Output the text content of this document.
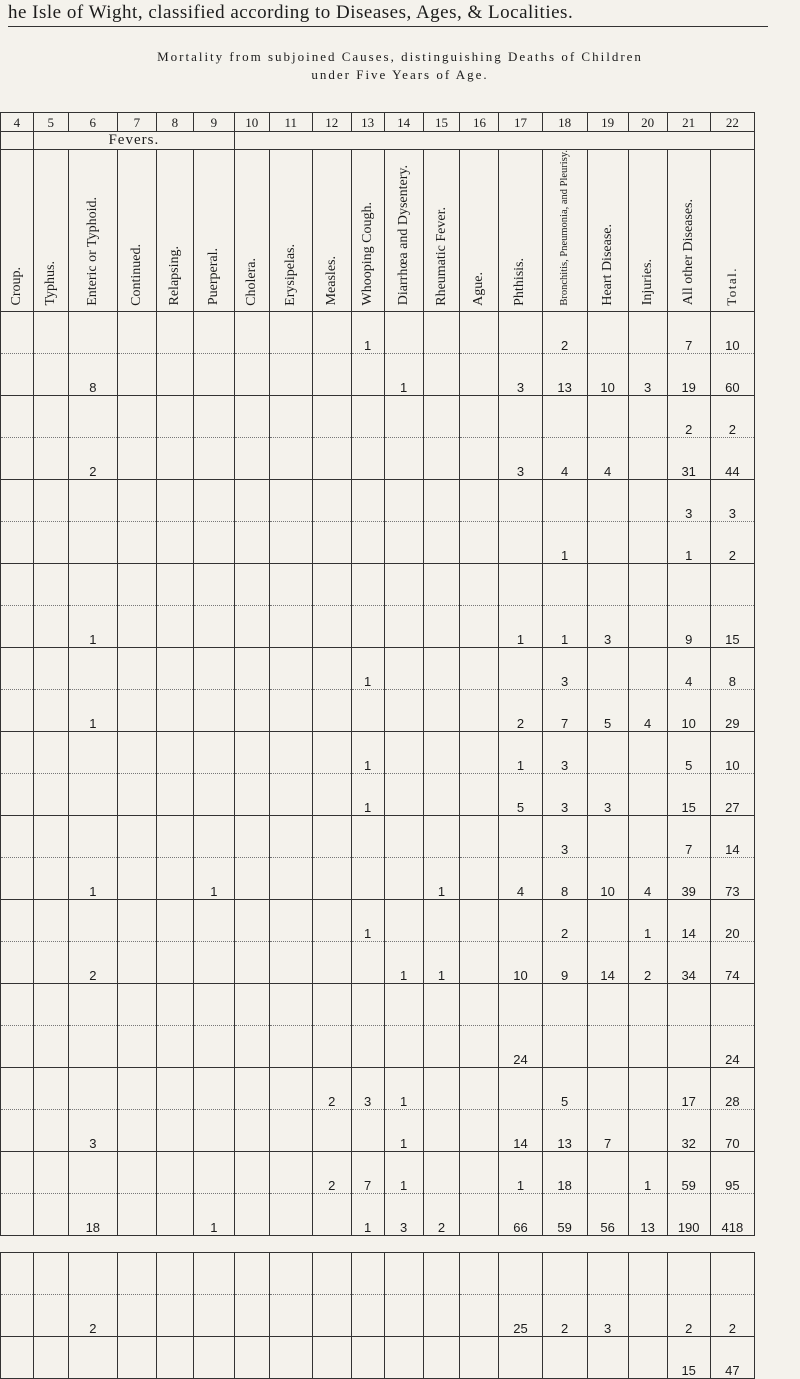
he Isle of Wight, classified according to Diseases, Ages, & Localities.
Mortality from subjoined Causes, distinguishing Deaths of Children
under Five Years of Age.
4	5	6	7	8	9	10	11	12	13	14	15	16	17	18	19	20	21	22
	Fevers.																	
Croup.	Typhus.	Enteric or Typhoid.	Continued.	Relapsing.	Puerperal.	Cholera.	Erysipelas.	Measles.	Whooping Cough.	Diarrhœa and Dysentery.	Rheumatic Fever.	Ague.	Phthisis.	Bronchitis, Pneumonia, and Pleurisy.	Heart Disease.	Injuries.	All other Diseases.	Total.
									1					2			7	10
		8								1			3	13	10	3	19	60
																	2	2
		2											3	4	4		31	44
																	3	3
														1			1	2

		1											1	1	3		9	15
									1					3			4	8
		1											2	7	5	4	10	29
									1				1	3			5	10
									1				5	3	3		15	27
														3			7	14
		1			1						1		4	8	10	4	39	73
									1					2		1	14	20
		2								1	1		10	9	14	2	34	74

													24					24
								2	3	1				5			17	28
		3								1			14	13	7		32	70
								2	7	1			1	18		1	59	95
		18			1				1	3	2		66	59	56	13	190	418

		2											25	2	3		2	2
																	15	47
